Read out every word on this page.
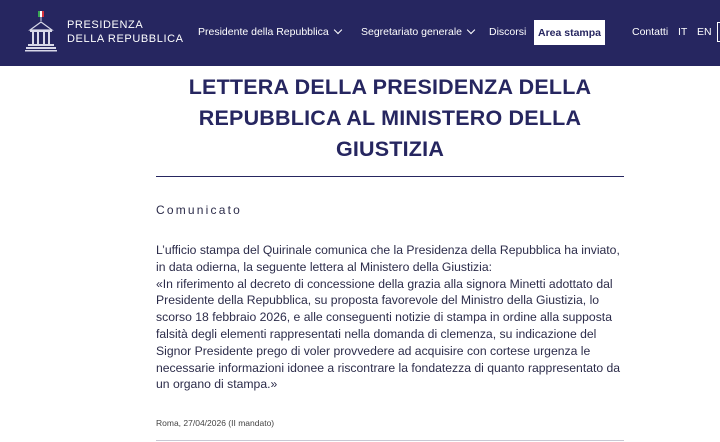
PRESIDENZA
DELLA REPUBBLICA
Presidente della Repubblica	Segretariato generale	Discorsi	Area stampa	Contatti IT EN
LETTERA DELLA PRESIDENZA DELLA REPUBBLICA AL MINISTERO DELLA GIUSTIZIA
Comunicato

L’ufficio stampa del Quirinale comunica che la Presidenza della Repubblica ha inviato, in data odierna, la seguente lettera al Ministero della Giustizia:

«In riferimento al decreto di concessione della grazia alla signora Minetti adottato dal Presidente della Repubblica, su proposta favorevole del Ministro della Giustizia, lo scorso 18 febbraio 2026, e alle conseguenti notizie di stampa in ordine alla supposta falsità degli elementi rappresentati nella domanda di clemenza, su indicazione del Signor Presidente prego di voler provvedere ad acquisire con cortese urgenza le necessarie informazioni idonee a riscontrare la fondatezza di quanto rappresentato da un organo di stampa.»

Roma, 27/04/2026 (II mandato)
